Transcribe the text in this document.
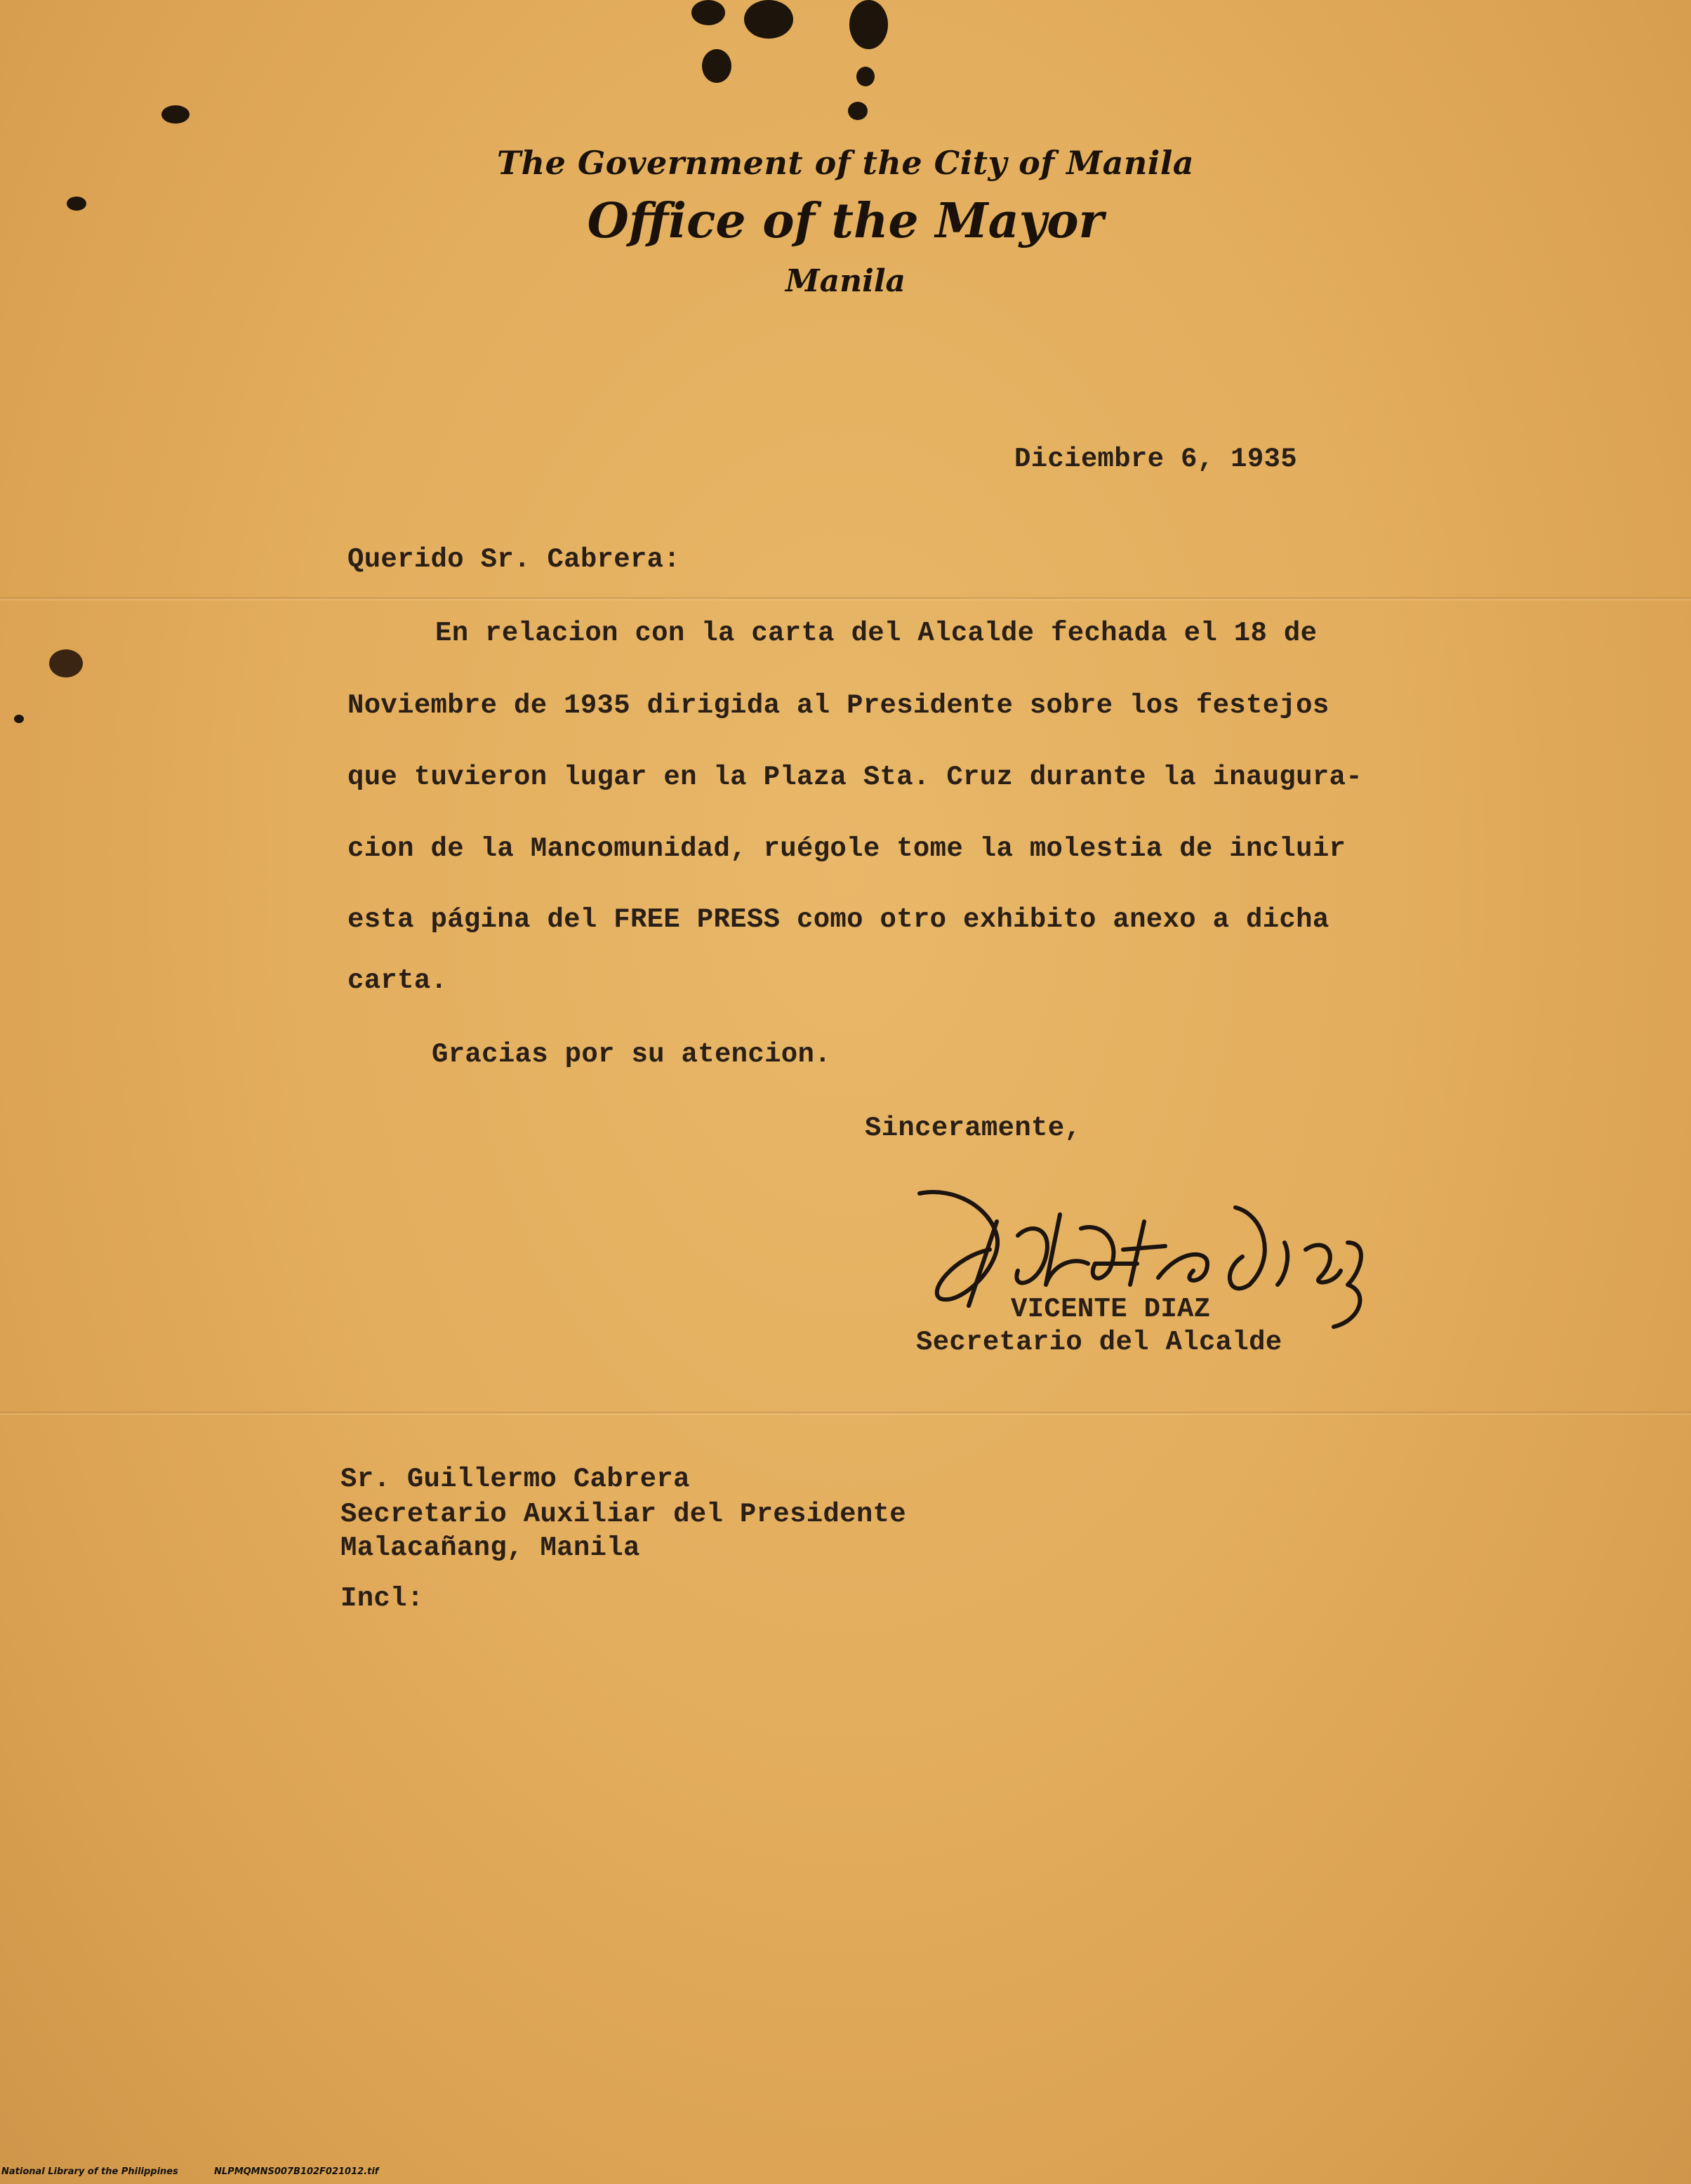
The Government of the City of Manila
Office of the Mayor
Manila
Diciembre 6, 1935
Querido Sr. Cabrera:
En relacion con la carta del Alcalde fechada el 18 de
Noviembre de 1935 dirigida al Presidente sobre los festejos
que tuvieron lugar en la Plaza Sta. Cruz durante la inaugura-
cion de la Mancomunidad, ruégole tome la molestia de incluir
esta página del FREE PRESS como otro exhibito anexo a dicha
carta.
Gracias por su atencion.
Sinceramente,
VICENTE DIAZ
Secretario del Alcalde
Sr. Guillermo Cabrera
Secretario Auxiliar del Presidente
Malacañang, Manila
Incl:
National Library of the Philippines	NLPMQMNS007B102F021012.tif
